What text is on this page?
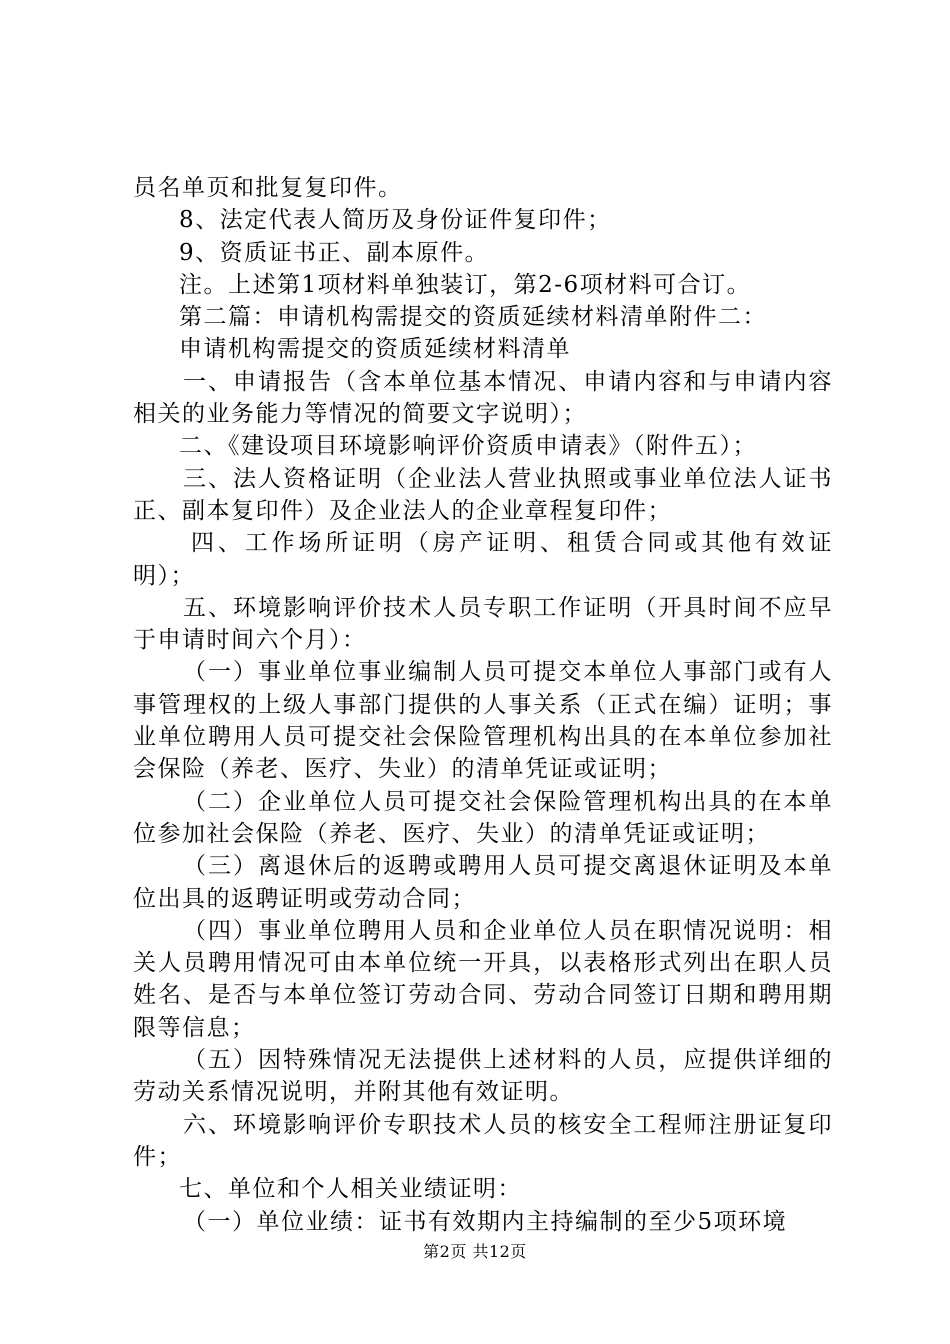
员名单页和批复复印件。

8、法定代表人简历及身份证件复印件；

9、资质证书正、副本原件。

注。上述第1项材料单独装订，第2-6项材料可合订。

第二篇：申请机构需提交的资质延续材料清单附件二：

申请机构需提交的资质延续材料清单

一、申请报告（含本单位基本情况、申请内容和与申请内容相关的业务能力等情况的简要文字说明）；

二、《建设项目环境影响评价资质申请表》（附件五）；

三、法人资格证明（企业法人营业执照或事业单位法人证书正、副本复印件）及企业法人的企业章程复印件；

四、工作场所证明（房产证明、租赁合同或其他有效证明）；

五、环境影响评价技术人员专职工作证明（开具时间不应早于申请时间六个月）：

（一）事业单位事业编制人员可提交本单位人事部门或有人事管理权的上级人事部门提供的人事关系（正式在编）证明；事业单位聘用人员可提交社会保险管理机构出具的在本单位参加社会保险（养老、医疗、失业）的清单凭证或证明；

（二）企业单位人员可提交社会保险管理机构出具的在本单位参加社会保险（养老、医疗、失业）的清单凭证或证明；

（三）离退休后的返聘或聘用人员可提交离退休证明及本单位出具的返聘证明或劳动合同；

（四）事业单位聘用人员和企业单位人员在职情况说明：相关人员聘用情况可由本单位统一开具，以表格形式列出在职人员姓名、是否与本单位签订劳动合同、劳动合同签订日期和聘用期限等信息；

（五）因特殊情况无法提供上述材料的人员，应提供详细的劳动关系情况说明，并附其他有效证明。

六、环境影响评价专职技术人员的核安全工程师注册证复印件；

七、单位和个人相关业绩证明：

（一）单位业绩：证书有效期内主持编制的至少5项环境

第2页 共12页
